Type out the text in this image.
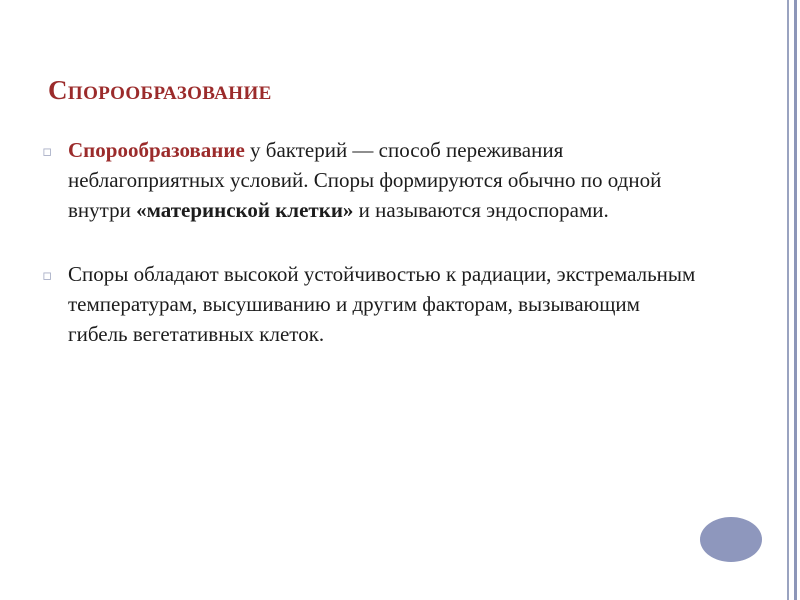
Спорообразование
▫ Спорообразование у бактерий — способ переживания неблагоприятных условий. Споры формируются обычно по одной внутри «материнской клетки» и называются эндоспорами.
▫ Споры обладают высокой устойчивостью к радиации, экстремальным температурам, высушиванию и другим факторам, вызывающим гибель вегетативных клеток.
